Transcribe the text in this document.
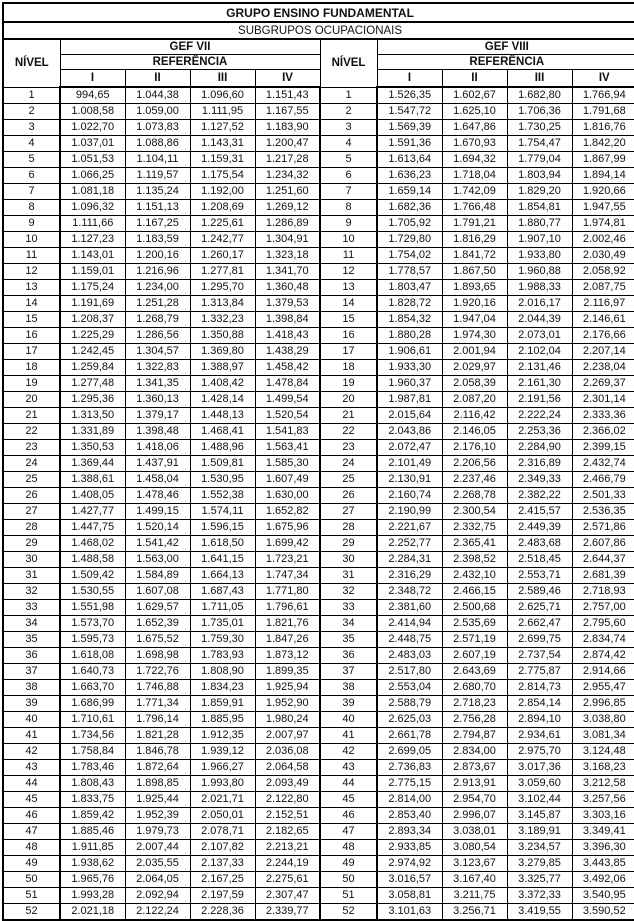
GRUPO ENSINO FUNDAMENTAL									
SUBGRUPOS OCUPACIONAIS									
NÍVEL	GEF VII				NÍVEL	GEF VIII			
	REFERÊNCIA					REFERÊNCIA			
	I	II	III	IV		I	II	III	IV
1	994,65	1.044,38	1.096,60	1.151,43	1	1.526,35	1.602,67	1.682,80	1.766,94
2	1.008,58	1.059,00	1.111,95	1.167,55	2	1.547,72	1.625,10	1.706,36	1.791,68
3	1.022,70	1.073,83	1.127,52	1.183,90	3	1.569,39	1.647,86	1.730,25	1.816,76
4	1.037,01	1.088,86	1.143,31	1.200,47	4	1.591,36	1.670,93	1.754,47	1.842,20
5	1.051,53	1.104,11	1.159,31	1.217,28	5	1.613,64	1.694,32	1.779,04	1.867,99
6	1.066,25	1.119,57	1.175,54	1.234,32	6	1.636,23	1.718,04	1.803,94	1.894,14
7	1.081,18	1.135,24	1.192,00	1.251,60	7	1.659,14	1.742,09	1.829,20	1.920,66
8	1.096,32	1.151,13	1.208,69	1.269,12	8	1.682,36	1.766,48	1.854,81	1.947,55
9	1.111,66	1.167,25	1.225,61	1.286,89	9	1.705,92	1.791,21	1.880,77	1.974,81
10	1.127,23	1.183,59	1.242,77	1.304,91	10	1.729,80	1.816,29	1.907,10	2.002,46
11	1.143,01	1.200,16	1.260,17	1.323,18	11	1.754,02	1.841,72	1.933,80	2.030,49
12	1.159,01	1.216,96	1.277,81	1.341,70	12	1.778,57	1.867,50	1.960,88	2.058,92
13	1.175,24	1.234,00	1.295,70	1.360,48	13	1.803,47	1.893,65	1.988,33	2.087,75
14	1.191,69	1.251,28	1.313,84	1.379,53	14	1.828,72	1.920,16	2.016,17	2.116,97
15	1.208,37	1.268,79	1.332,23	1.398,84	15	1.854,32	1.947,04	2.044,39	2.146,61
16	1.225,29	1.286,56	1.350,88	1.418,43	16	1.880,28	1.974,30	2.073,01	2.176,66
17	1.242,45	1.304,57	1.369,80	1.438,29	17	1.906,61	2.001,94	2.102,04	2.207,14
18	1.259,84	1.322,83	1.388,97	1.458,42	18	1.933,30	2.029,97	2.131,46	2.238,04
19	1.277,48	1.341,35	1.408,42	1.478,84	19	1.960,37	2.058,39	2.161,30	2.269,37
20	1.295,36	1.360,13	1.428,14	1.499,54	20	1.987,81	2.087,20	2.191,56	2.301,14
21	1.313,50	1.379,17	1.448,13	1.520,54	21	2.015,64	2.116,42	2.222,24	2.333,36
22	1.331,89	1.398,48	1.468,41	1.541,83	22	2.043,86	2.146,05	2.253,36	2.366,02
23	1.350,53	1.418,06	1.488,96	1.563,41	23	2.072,47	2.176,10	2.284,90	2.399,15
24	1.369,44	1.437,91	1.509,81	1.585,30	24	2.101,49	2.206,56	2.316,89	2.432,74
25	1.388,61	1.458,04	1.530,95	1.607,49	25	2.130,91	2.237,46	2.349,33	2.466,79
26	1.408,05	1.478,46	1.552,38	1.630,00	26	2.160,74	2.268,78	2.382,22	2.501,33
27	1.427,77	1.499,15	1.574,11	1.652,82	27	2.190,99	2.300,54	2.415,57	2.536,35
28	1.447,75	1.520,14	1.596,15	1.675,96	28	2.221,67	2.332,75	2.449,39	2.571,86
29	1.468,02	1.541,42	1.618,50	1.699,42	29	2.252,77	2.365,41	2.483,68	2.607,86
30	1.488,58	1.563,00	1.641,15	1.723,21	30	2.284,31	2.398,52	2.518,45	2.644,37
31	1.509,42	1.584,89	1.664,13	1.747,34	31	2.316,29	2.432,10	2.553,71	2.681,39
32	1.530,55	1.607,08	1.687,43	1.771,80	32	2.348,72	2.466,15	2.589,46	2.718,93
33	1.551,98	1.629,57	1.711,05	1.796,61	33	2.381,60	2.500,68	2.625,71	2.757,00
34	1.573,70	1.652,39	1.735,01	1.821,76	34	2.414,94	2.535,69	2.662,47	2.795,60
35	1.595,73	1.675,52	1.759,30	1.847,26	35	2.448,75	2.571,19	2.699,75	2.834,74
36	1.618,08	1.698,98	1.783,93	1.873,12	36	2.483,03	2.607,19	2.737,54	2.874,42
37	1.640,73	1.722,76	1.808,90	1.899,35	37	2.517,80	2.643,69	2.775,87	2.914,66
38	1.663,70	1.746,88	1.834,23	1.925,94	38	2.553,04	2.680,70	2.814,73	2.955,47
39	1.686,99	1.771,34	1.859,91	1.952,90	39	2.588,79	2.718,23	2.854,14	2.996,85
40	1.710,61	1.796,14	1.885,95	1.980,24	40	2.625,03	2.756,28	2.894,10	3.038,80
41	1.734,56	1.821,28	1.912,35	2.007,97	41	2.661,78	2.794,87	2.934,61	3.081,34
42	1.758,84	1.846,78	1.939,12	2.036,08	42	2.699,05	2.834,00	2.975,70	3.124,48
43	1.783,46	1.872,64	1.966,27	2.064,58	43	2.736,83	2.873,67	3.017,36	3.168,23
44	1.808,43	1.898,85	1.993,80	2.093,49	44	2.775,15	2.913,91	3.059,60	3.212,58
45	1.833,75	1.925,44	2.021,71	2.122,80	45	2.814,00	2.954,70	3.102,44	3.257,56
46	1.859,42	1.952,39	2.050,01	2.152,51	46	2.853,40	2.996,07	3.145,87	3.303,16
47	1.885,46	1.979,73	2.078,71	2.182,65	47	2.893,34	3.038,01	3.189,91	3.349,41
48	1.911,85	2.007,44	2.107,82	2.213,21	48	2.933,85	3.080,54	3.234,57	3.396,30
49	1.938,62	2.035,55	2.137,33	2.244,19	49	2.974,92	3.123,67	3.279,85	3.443,85
50	1.965,76	2.064,05	2.167,25	2.275,61	50	3.016,57	3.167,40	3.325,77	3.492,06
51	1.993,28	2.092,94	2.197,59	2.307,47	51	3.058,81	3.211,75	3.372,33	3.540,95
52	2.021,18	2.122,24	2.228,36	2.339,77	52	3.101,63	3.256,71	3.419,55	3.590,52
